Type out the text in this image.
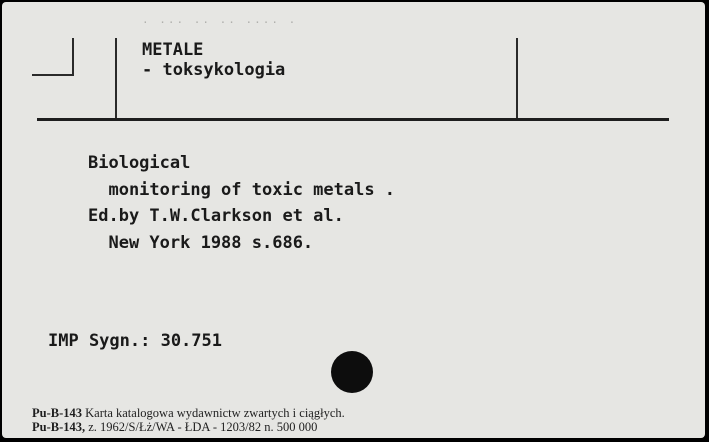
· ··· ·· ·· ···· ·
METALE
- toksykologia
Biological
monitoring of toxic metals .
Ed.by T.W.Clarkson et al.
New York 1988 s.686.
IMP Sygn.: 30.751
Pu-B-143 Karta katalogowa wydawnictw zwartych i ciągłych.
Pu-B-143, z. 1962/S/Łż/WA - ŁDA - 1203/82 n. 500 000
